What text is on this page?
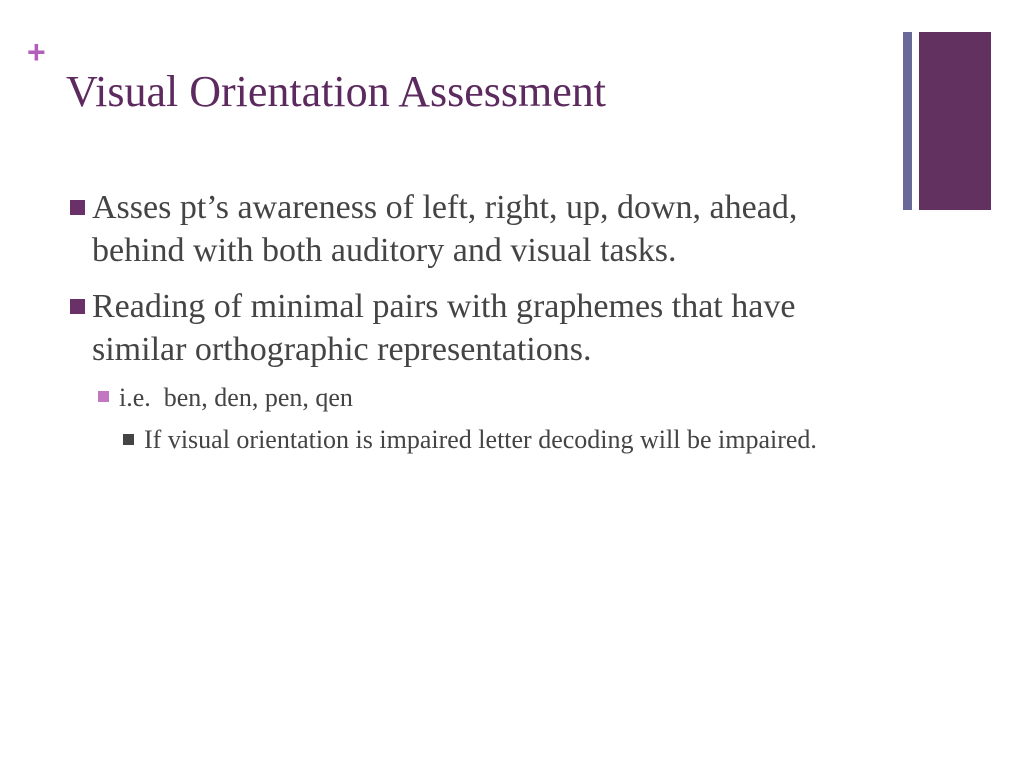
+
Visual Orientation Assessment
Asses pt’s awareness of left, right, up, down, ahead, behind with both auditory and visual tasks.
Reading of minimal pairs with graphemes that have similar orthographic representations.
i.e.  ben, den, pen, qen
If visual orientation is impaired letter decoding will be impaired.
